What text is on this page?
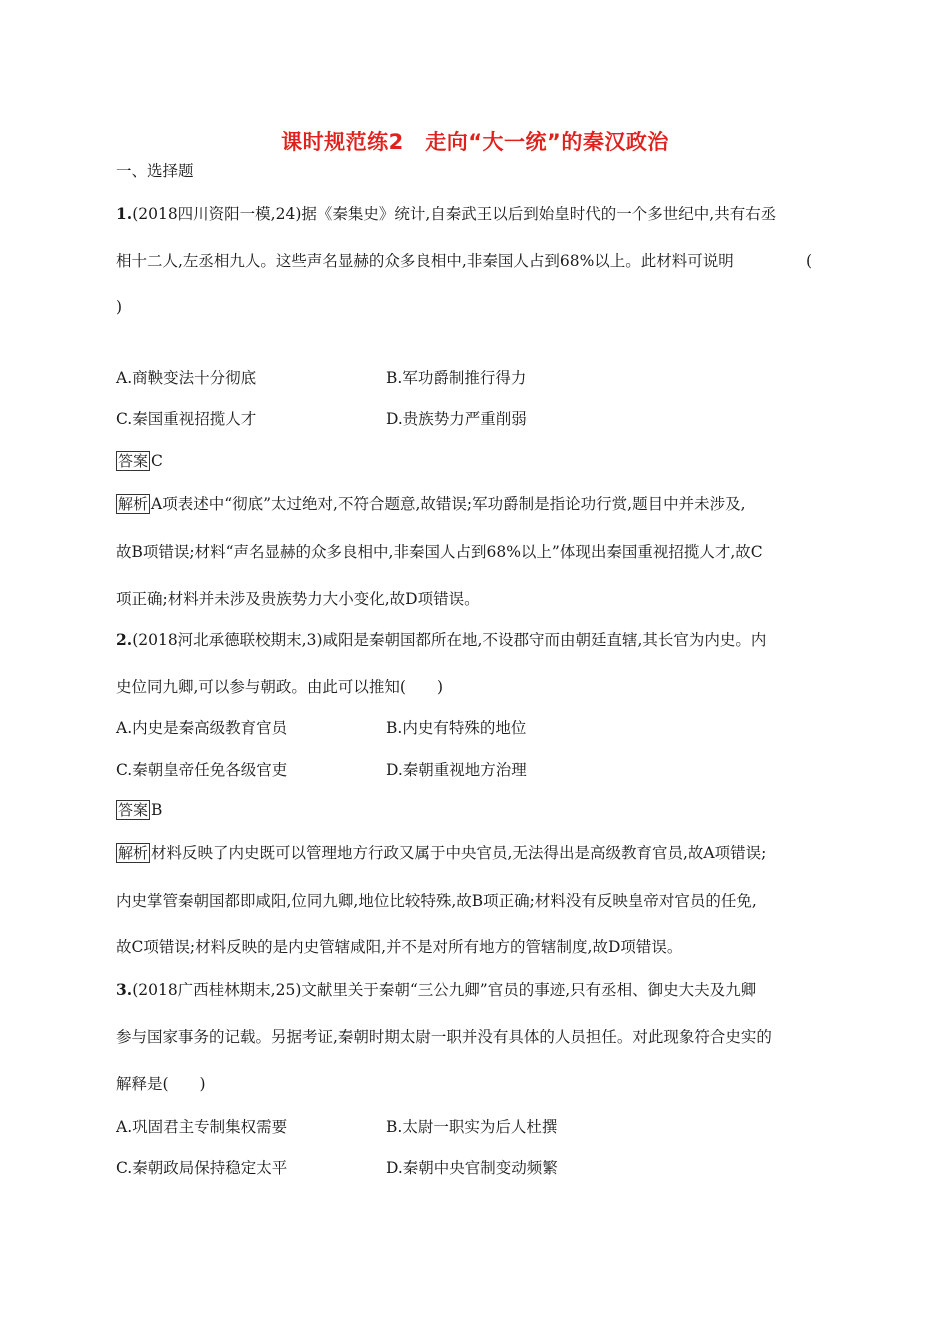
课时规范练2　走向“大一统”的秦汉政治
一、选择题
1.(2018四川资阳一模,24)据《秦集史》统计,自秦武王以后到始皇时代的一个多世纪中,共有右丞
相十二人,左丞相九人。这些声名显赫的众多良相中,非秦国人占到68%以上。此材料可说明	(
)
A.商鞅变法十分彻底	B.军功爵制推行得力
C.秦国重视招揽人才	D.贵族势力严重削弱
答案 C
解析 A项表述中“彻底”太过绝对,不符合题意,故错误;军功爵制是指论功行赏,题目中并未涉及,
故B项错误;材料“声名显赫的众多良相中,非秦国人占到68%以上”体现出秦国重视招揽人才,故C
项正确;材料并未涉及贵族势力大小变化,故D项错误。
2.(2018河北承德联校期末,3)咸阳是秦朝国都所在地,不设郡守而由朝廷直辖,其长官为内史。内
史位同九卿,可以参与朝政。由此可以推知(　　)
A.内史是秦高级教育官员	B.内史有特殊的地位
C.秦朝皇帝任免各级官吏	D.秦朝重视地方治理
答案 B
解析 材料反映了内史既可以管理地方行政又属于中央官员,无法得出是高级教育官员,故A项错误;
内史掌管秦朝国都即咸阳,位同九卿,地位比较特殊,故B项正确;材料没有反映皇帝对官员的任免,
故C项错误;材料反映的是内史管辖咸阳,并不是对所有地方的管辖制度,故D项错误。
3.(2018广西桂林期末,25)文献里关于秦朝“三公九卿”官员的事迹,只有丞相、御史大夫及九卿
参与国家事务的记载。另据考证,秦朝时期太尉一职并没有具体的人员担任。对此现象符合史实的
解释是(　　)
A.巩固君主专制集权需要	B.太尉一职实为后人杜撰
C.秦朝政局保持稳定太平	D.秦朝中央官制变动频繁
